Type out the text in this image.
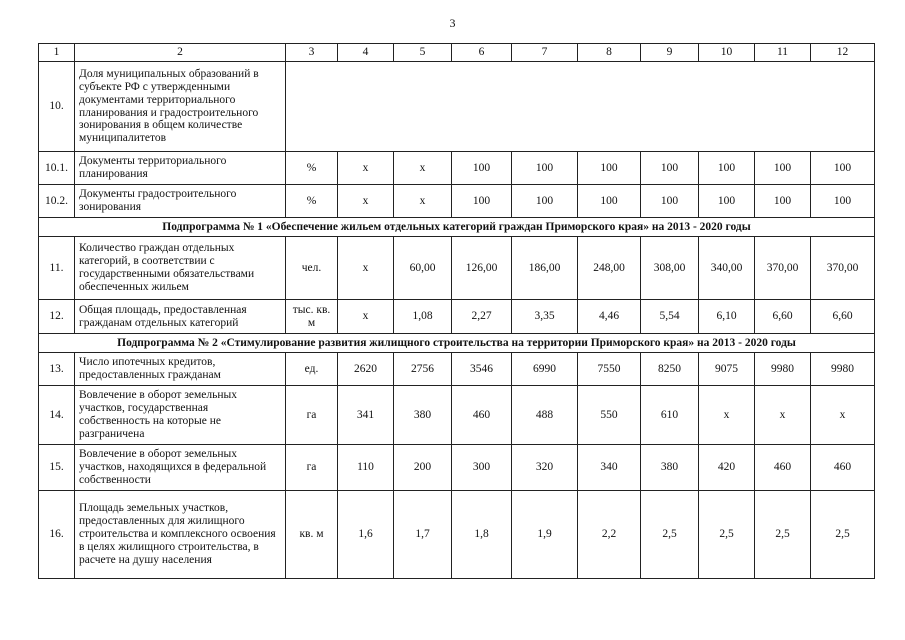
3
1	2	3	4	5	6	7	8	9	10	11	12
10.	Доля муниципальных образований в субъекте РФ с утвержденными документами территориального планирования и градостроительного зонирования в общем количестве муниципалитетов										
10.1.	Документы территориального планирования	%	х	х	100	100	100	100	100	100	100
10.2.	Документы градостроительного зонирования	%	х	х	100	100	100	100	100	100	100
Подпрограмма № 1 «Обеспечение жильем отдельных категорий граждан Приморского края» на 2013 - 2020 годы											
11.	Количество граждан отдельных категорий, в соответствии с государственными обязательствами обеспеченных жильем	чел.	х	60,00	126,00	186,00	248,00	308,00	340,00	370,00	370,00
12.	Общая площадь, предоставленная гражданам отдельных категорий	тыс. кв. м	х	1,08	2,27	3,35	4,46	5,54	6,10	6,60	6,60
Подпрограмма № 2 «Стимулирование развития жилищного строительства на территории Приморского края» на 2013 - 2020 годы											
13.	Число ипотечных кредитов, предоставленных гражданам	ед.	2620	2756	3546	6990	7550	8250	9075	9980	9980
14.	Вовлечение в оборот земельных участков, государственная собственность на которые не разграничена	га	341	380	460	488	550	610	х	х	х
15.	Вовлечение в оборот земельных участков, находящихся в федеральной собственности	га	110	200	300	320	340	380	420	460	460
16.	Площадь земельных участков, предоставленных для жилищного строительства и комплексного освоения в целях жилищного строительства, в расчете на душу населения	кв. м	1,6	1,7	1,8	1,9	2,2	2,5	2,5	2,5	2,5
